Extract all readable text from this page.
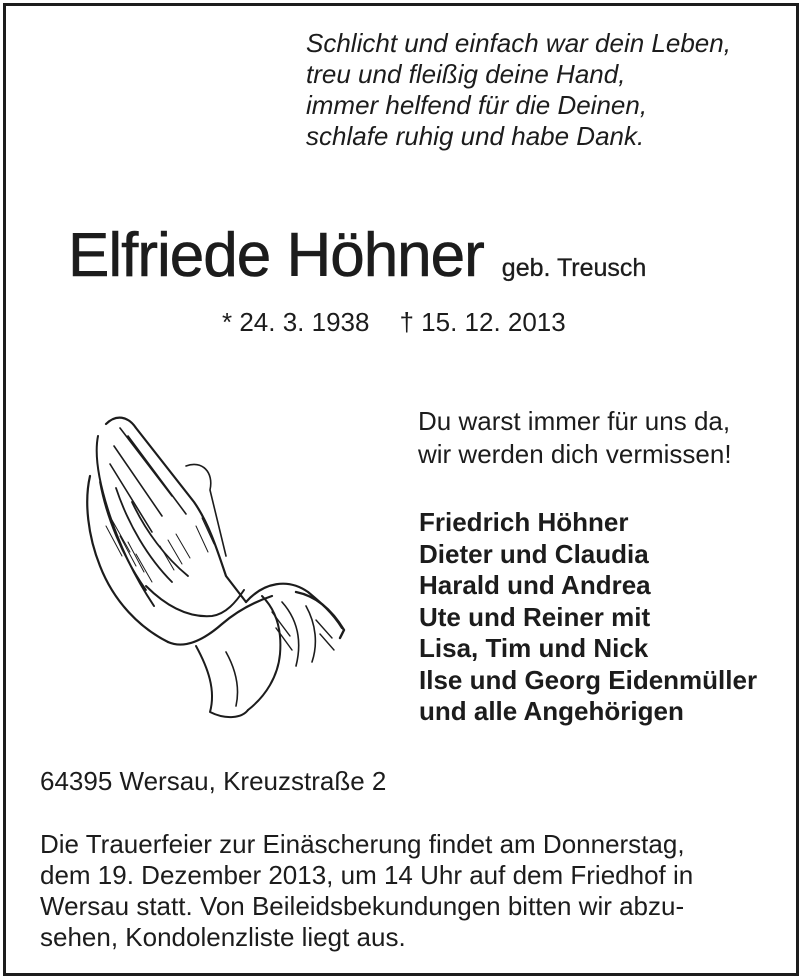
Schlicht und einfach war dein Leben,
treu und fleißig deine Hand,
immer helfend für die Deinen,
schlafe ruhig und habe Dank.
Elfriede Höhner geb. Treusch
* 24. 3. 1938 † 15. 12. 2013
Du warst immer für uns da,
wir werden dich vermissen!
Friedrich Höhner
Dieter und Claudia
Harald und Andrea
Ute und Reiner mit
Lisa, Tim und Nick
Ilse und Georg Eidenmüller
und alle Angehörigen
64395 Wersau, Kreuzstraße 2
Die Trauerfeier zur Einäscherung findet am Donnerstag,
dem 19. Dezember 2013, um 14 Uhr auf dem Friedhof in
Wersau statt. Von Beileidsbekundungen bitten wir abzu-
sehen, Kondolenzliste liegt aus.
